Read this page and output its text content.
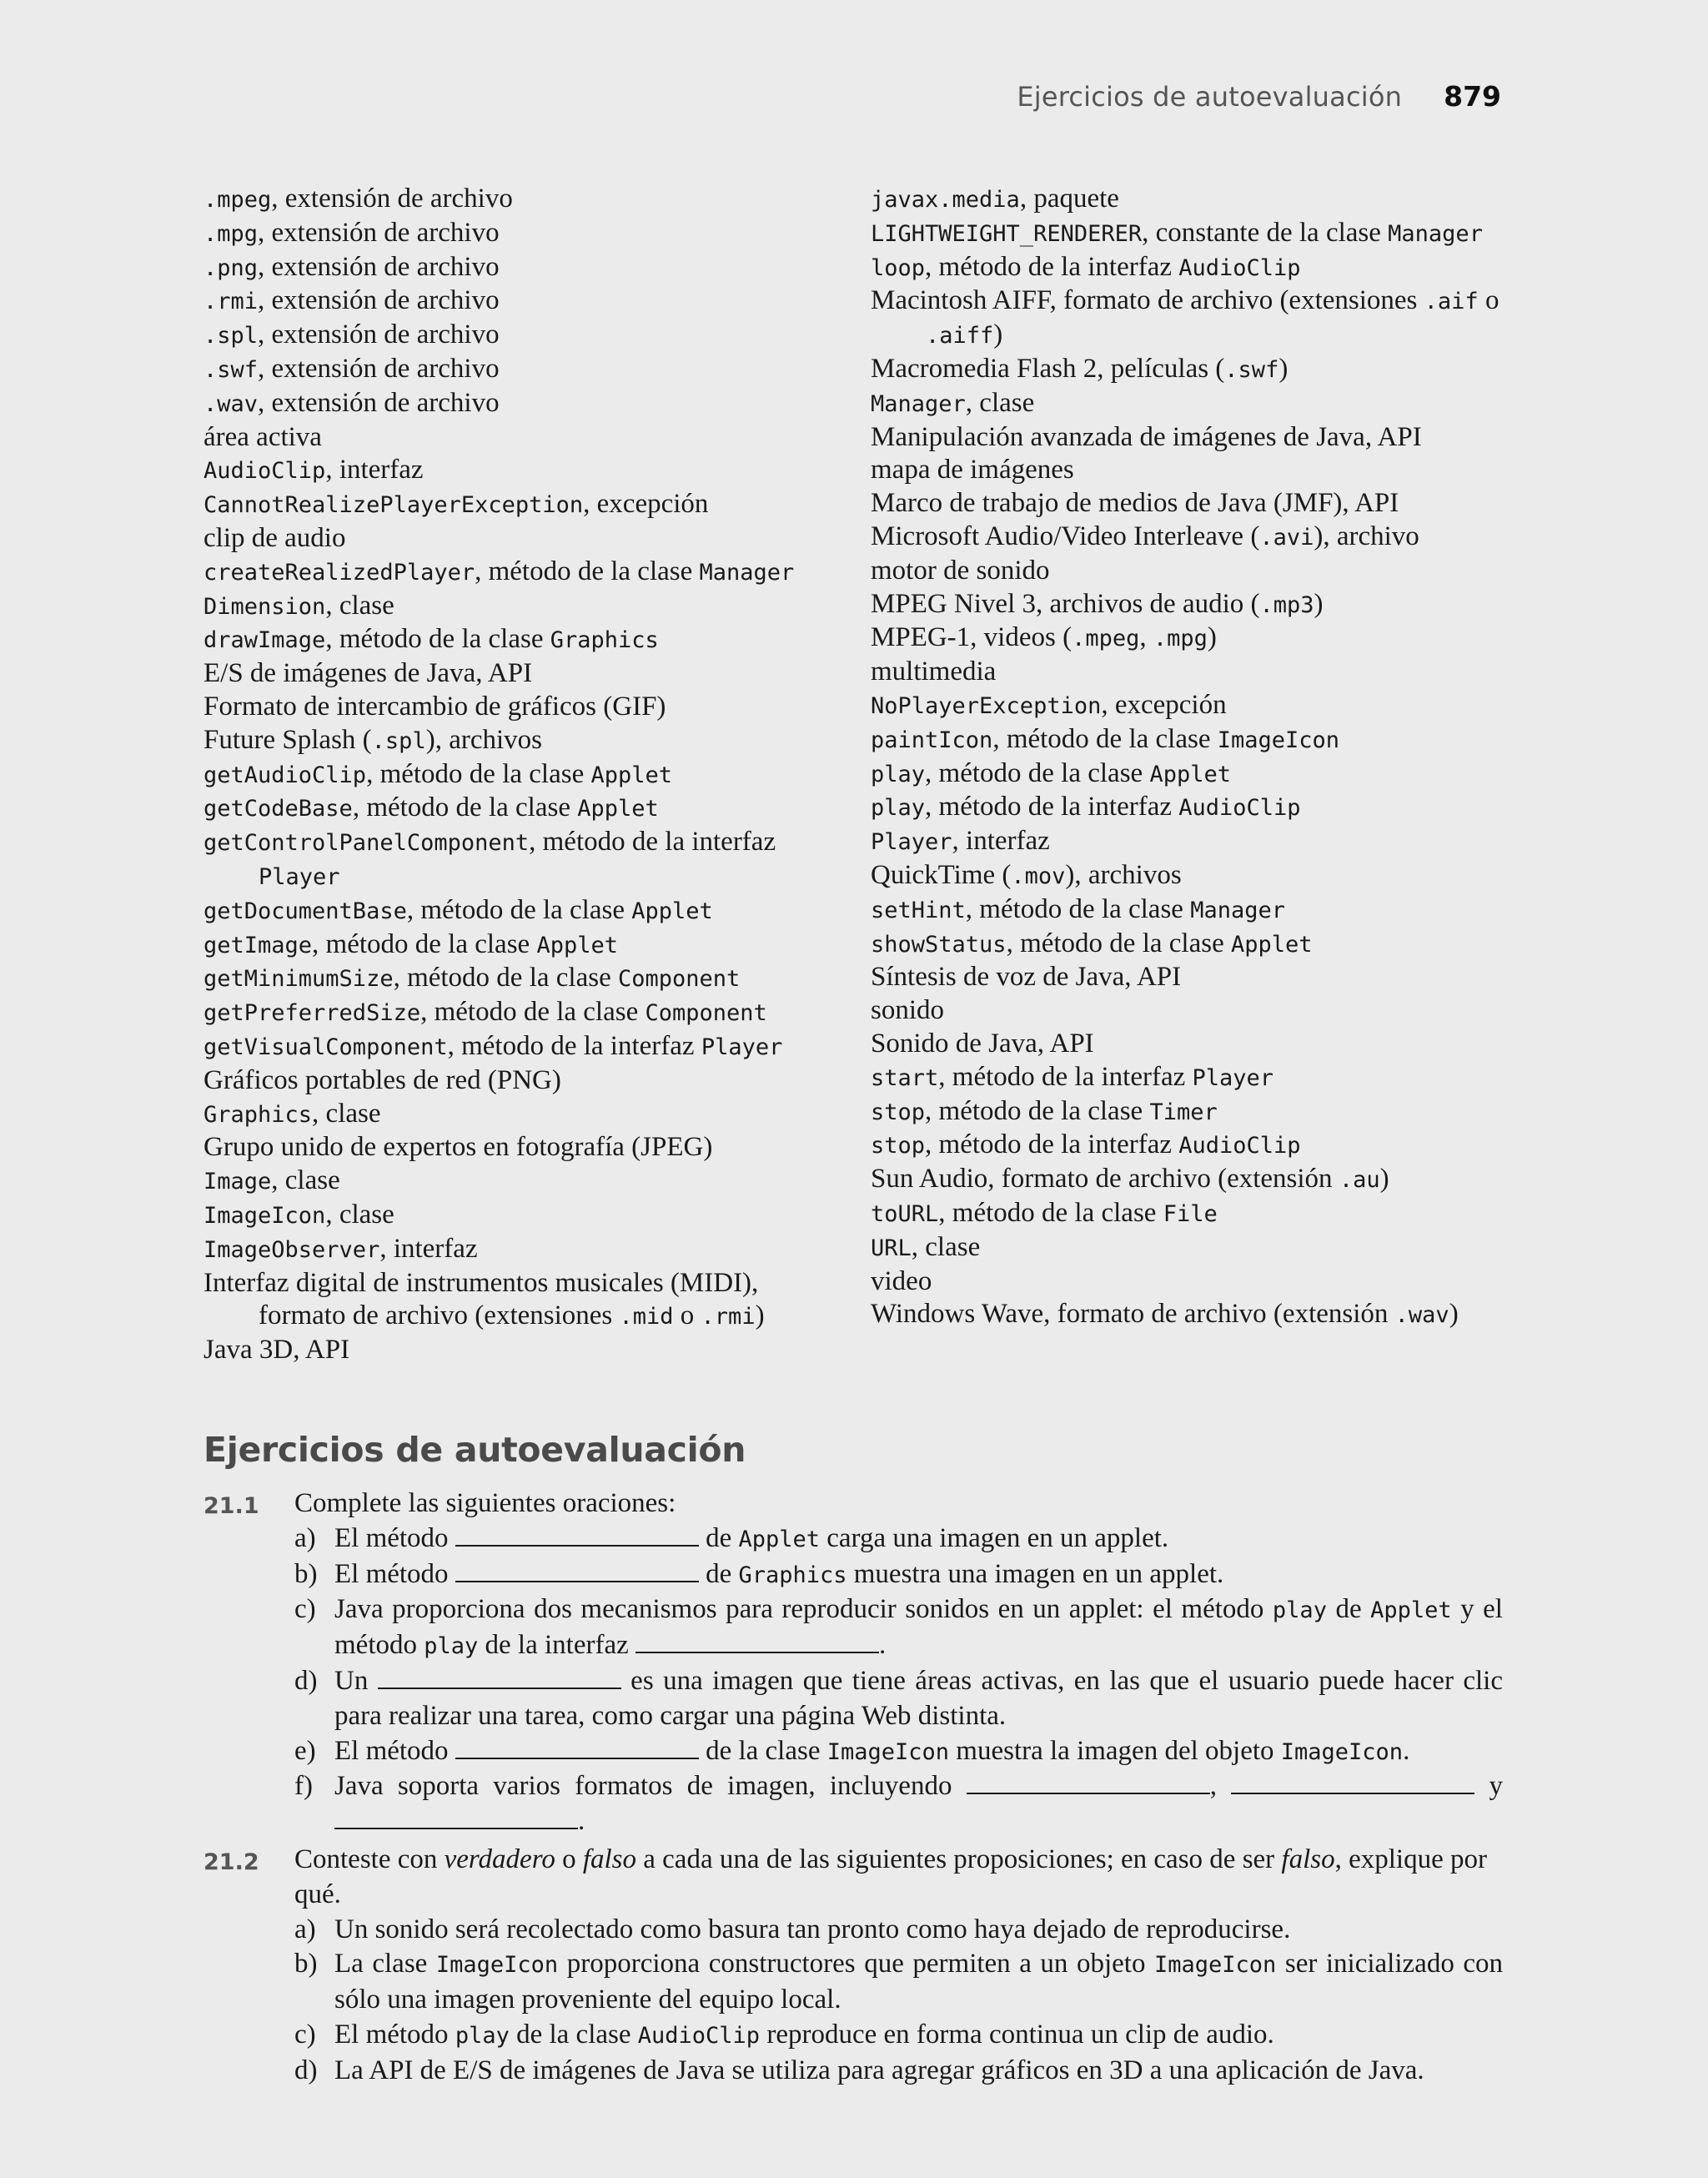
Ejercicios de autoevaluación 879
.mpeg, extensión de archivo
.mpg, extensión de archivo
.png, extensión de archivo
.rmi, extensión de archivo
.spl, extensión de archivo
.swf, extensión de archivo
.wav, extensión de archivo
área activa
AudioClip, interfaz
CannotRealizePlayerException, excepción
clip de audio
createRealizedPlayer, método de la clase Manager
Dimension, clase
drawImage, método de la clase Graphics
E/S de imágenes de Java, API
Formato de intercambio de gráficos (GIF)
Future Splash (.spl), archivos
getAudioClip, método de la clase Applet
getCodeBase, método de la clase Applet
getControlPanelComponent, método de la interfaz Player
getDocumentBase, método de la clase Applet
getImage, método de la clase Applet
getMinimumSize, método de la clase Component
getPreferredSize, método de la clase Component
getVisualComponent, método de la interfaz Player
Gráficos portables de red (PNG)
Graphics, clase
Grupo unido de expertos en fotografía (JPEG)
Image, clase
ImageIcon, clase
ImageObserver, interfaz
Interfaz digital de instrumentos musicales (MIDI), formato de archivo (extensiones .mid o .rmi)
Java 3D, API
javax.media, paquete
LIGHTWEIGHT_RENDERER, constante de la clase Manager
loop, método de la interfaz AudioClip
Macintosh AIFF, formato de archivo (extensiones .aif o .aiff)
Macromedia Flash 2, películas (.swf)
Manager, clase
Manipulación avanzada de imágenes de Java, API
mapa de imágenes
Marco de trabajo de medios de Java (JMF), API
Microsoft Audio/Video Interleave (.avi), archivo
motor de sonido
MPEG Nivel 3, archivos de audio (.mp3)
MPEG-1, videos (.mpeg, .mpg)
multimedia
NoPlayerException, excepción
paintIcon, método de la clase ImageIcon
play, método de la clase Applet
play, método de la interfaz AudioClip
Player, interfaz
QuickTime (.mov), archivos
setHint, método de la clase Manager
showStatus, método de la clase Applet
Síntesis de voz de Java, API
sonido
Sonido de Java, API
start, método de la interfaz Player
stop, método de la clase Timer
stop, método de la interfaz AudioClip
Sun Audio, formato de archivo (extensión .au)
toURL, método de la clase File
URL, clase
video
Windows Wave, formato de archivo (extensión .wav)
Ejercicios de autoevaluación
21.1	Complete las siguientes oraciones:
a) El método	de Applet carga una imagen en un applet.
b) El método	de Graphics muestra una imagen en un applet.
c) Java proporciona dos mecanismos para reproducir sonidos en un applet: el método play de Applet y el método play de la interfaz	.
d) Un	es una imagen que tiene áreas activas, en las que el usuario puede hacer clic para realizar una tarea, como cargar una página Web distinta.
e) El método	de la clase ImageIcon muestra la imagen del objeto ImageIcon.
f) Java soporta varios formatos de imagen, incluyendo	,	y .
21.2	Conteste con verdadero o falso a cada una de las siguientes proposiciones; en caso de ser falso, explique por qué.
a) Un sonido será recolectado como basura tan pronto como haya dejado de reproducirse.
b) La clase ImageIcon proporciona constructores que permiten a un objeto ImageIcon ser inicializado con sólo una imagen proveniente del equipo local.
c) El método play de la clase AudioClip reproduce en forma continua un clip de audio.
d) La API de E/S de imágenes de Java se utiliza para agregar gráficos en 3D a una aplicación de Java.
